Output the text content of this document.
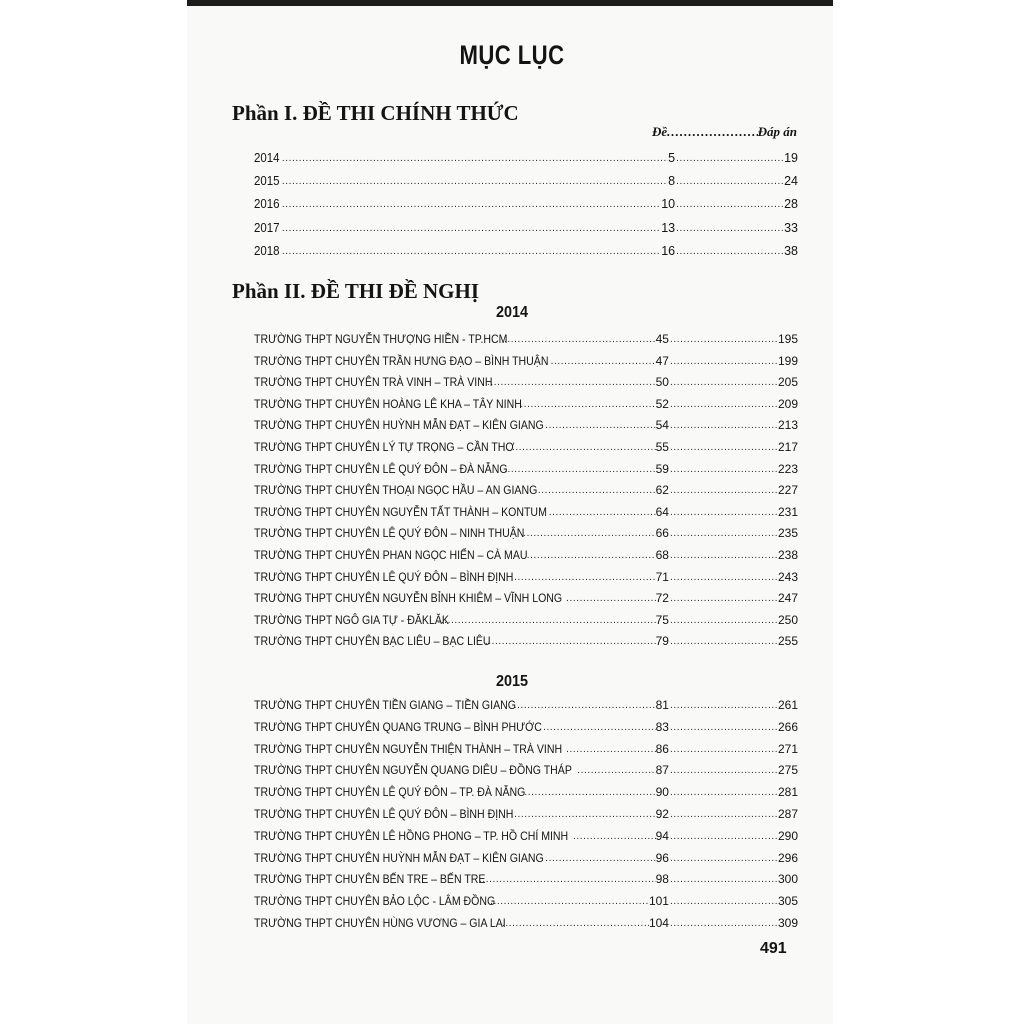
MỤC LỤC
Phần I. ĐỀ THI CHÍNH THỨC
Đề .....	Đáp án
2014 .....	5 .....	19
2015 .....	8 .....	24
2016 .....	10 .....	28
2017 .....	13 .....	33
2018 .....	16 .....	38
Phần II. ĐỀ THI ĐỀ NGHỊ
2014
TRƯỜNG THPT NGUYỄN THƯỢNG HIỀN - TP.HCM .....	45 .....	195
TRƯỜNG THPT CHUYÊN TRẦN HƯNG ĐẠO – BÌNH THUẬN .....	47 .....	199
TRƯỜNG THPT CHUYÊN TRÀ VINH – TRÀ VINH .....	50 .....	205
TRƯỜNG THPT CHUYÊN HOÀNG LÊ KHA – TÂY NINH .....	52 .....	209
TRƯỜNG THPT CHUYÊN HUỲNH MẪN ĐẠT – KIÊN GIANG .....	54 .....	213
TRƯỜNG THPT CHUYÊN LÝ TỰ TRỌNG – CẦN THƠ .....	55 .....	217
TRƯỜNG THPT CHUYÊN LÊ QUÝ ĐÔN – ĐÀ NẴNG .....	59 .....	223
TRƯỜNG THPT CHUYÊN THOẠI NGỌC HẦU – AN GIANG .....	62 .....	227
TRƯỜNG THPT CHUYÊN NGUYỄN TẤT THÀNH – KONTUM .....	64 .....	231
TRƯỜNG THPT CHUYÊN LÊ QUÝ ĐÔN – NINH THUẬN .....	66 .....	235
TRƯỜNG THPT CHUYÊN PHAN NGỌC HIỂN – CÀ MAU .....	68 .....	238
TRƯỜNG THPT CHUYÊN LÊ QUÝ ĐÔN – BÌNH ĐỊNH .....	71 .....	243
TRƯỜNG THPT CHUYÊN NGUYỄN BỈNH KHIÊM – VĨNH LONG .....	72 .....	247
TRƯỜNG THPT NGÔ GIA TỰ - ĐĂKLĂK .....	75 .....	250
TRƯỜNG THPT CHUYÊN BẠC LIÊU – BẠC LIÊU .....	79 .....	255
2015
TRƯỜNG THPT CHUYÊN TIỀN GIANG – TIỀN GIANG .....	81 .....	261
TRƯỜNG THPT CHUYÊN QUANG TRUNG – BÌNH PHƯỚC .....	83 .....	266
TRƯỜNG THPT CHUYÊN NGUYỄN THIỆN THÀNH – TRÀ VINH .....	86 .....	271
TRƯỜNG THPT CHUYÊN NGUYỄN QUANG DIÊU – ĐỒNG THÁP .....	87 .....	275
TRƯỜNG THPT CHUYÊN LÊ QUÝ ĐÔN – TP. ĐÀ NẴNG .....	90 .....	281
TRƯỜNG THPT CHUYÊN LÊ QUÝ ĐÔN – BÌNH ĐỊNH .....	92 .....	287
TRƯỜNG THPT CHUYÊN LÊ HỒNG PHONG – TP. HỒ CHÍ MINH .....	94 .....	290
TRƯỜNG THPT CHUYÊN HUỲNH MẪN ĐẠT – KIÊN GIANG .....	96 .....	296
TRƯỜNG THPT CHUYÊN BẾN TRE – BẾN TRE .....	98 .....	300
TRƯỜNG THPT CHUYÊN BẢO LỘC - LÂM ĐỒNG .....	101 .....	305
TRƯỜNG THPT CHUYÊN HÙNG VƯƠNG – GIA LAI .....	104 .....	309
491
